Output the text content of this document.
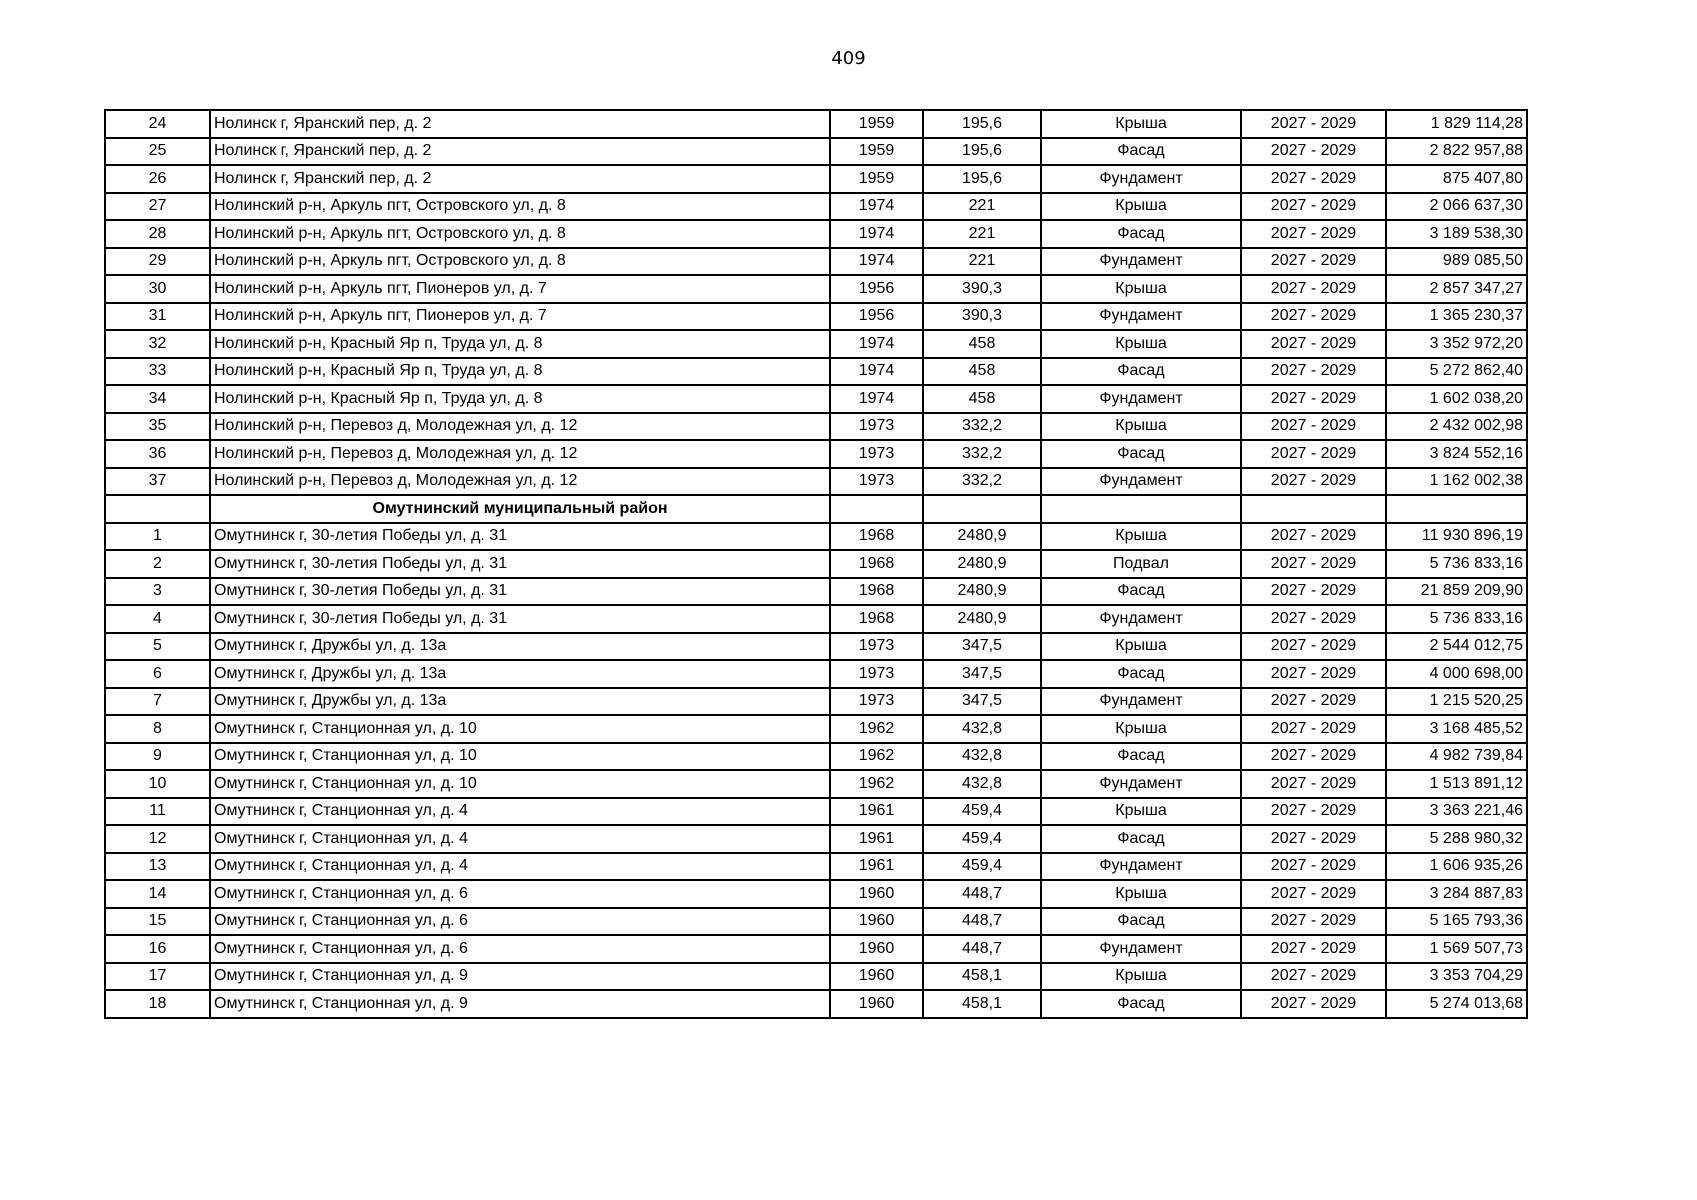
409
24	Нолинск г, Яранский пер, д. 2	1959	195,6	Крыша	2027 - 2029	1 829 114,28
25	Нолинск г, Яранский пер, д. 2	1959	195,6	Фасад	2027 - 2029	2 822 957,88
26	Нолинск г, Яранский пер, д. 2	1959	195,6	Фундамент	2027 - 2029	875 407,80
27	Нолинский р-н, Аркуль пгт, Островского ул, д. 8	1974	221	Крыша	2027 - 2029	2 066 637,30
28	Нолинский р-н, Аркуль пгт, Островского ул, д. 8	1974	221	Фасад	2027 - 2029	3 189 538,30
29	Нолинский р-н, Аркуль пгт, Островского ул, д. 8	1974	221	Фундамент	2027 - 2029	989 085,50
30	Нолинский р-н, Аркуль пгт, Пионеров ул, д. 7	1956	390,3	Крыша	2027 - 2029	2 857 347,27
31	Нолинский р-н, Аркуль пгт, Пионеров ул, д. 7	1956	390,3	Фундамент	2027 - 2029	1 365 230,37
32	Нолинский р-н, Красный Яр п, Труда ул, д. 8	1974	458	Крыша	2027 - 2029	3 352 972,20
33	Нолинский р-н, Красный Яр п, Труда ул, д. 8	1974	458	Фасад	2027 - 2029	5 272 862,40
34	Нолинский р-н, Красный Яр п, Труда ул, д. 8	1974	458	Фундамент	2027 - 2029	1 602 038,20
35	Нолинский р-н, Перевоз д, Молодежная ул, д. 12	1973	332,2	Крыша	2027 - 2029	2 432 002,98
36	Нолинский р-н, Перевоз д, Молодежная ул, д. 12	1973	332,2	Фасад	2027 - 2029	3 824 552,16
37	Нолинский р-н, Перевоз д, Молодежная ул, д. 12	1973	332,2	Фундамент	2027 - 2029	1 162 002,38
	Омутнинский муниципальный район					
1	Омутнинск г, 30-летия Победы ул, д. 31	1968	2480,9	Крыша	2027 - 2029	11 930 896,19
2	Омутнинск г, 30-летия Победы ул, д. 31	1968	2480,9	Подвал	2027 - 2029	5 736 833,16
3	Омутнинск г, 30-летия Победы ул, д. 31	1968	2480,9	Фасад	2027 - 2029	21 859 209,90
4	Омутнинск г, 30-летия Победы ул, д. 31	1968	2480,9	Фундамент	2027 - 2029	5 736 833,16
5	Омутнинск г, Дружбы ул, д. 13а	1973	347,5	Крыша	2027 - 2029	2 544 012,75
6	Омутнинск г, Дружбы ул, д. 13а	1973	347,5	Фасад	2027 - 2029	4 000 698,00
7	Омутнинск г, Дружбы ул, д. 13а	1973	347,5	Фундамент	2027 - 2029	1 215 520,25
8	Омутнинск г, Станционная ул, д. 10	1962	432,8	Крыша	2027 - 2029	3 168 485,52
9	Омутнинск г, Станционная ул, д. 10	1962	432,8	Фасад	2027 - 2029	4 982 739,84
10	Омутнинск г, Станционная ул, д. 10	1962	432,8	Фундамент	2027 - 2029	1 513 891,12
11	Омутнинск г, Станционная ул, д. 4	1961	459,4	Крыша	2027 - 2029	3 363 221,46
12	Омутнинск г, Станционная ул, д. 4	1961	459,4	Фасад	2027 - 2029	5 288 980,32
13	Омутнинск г, Станционная ул, д. 4	1961	459,4	Фундамент	2027 - 2029	1 606 935,26
14	Омутнинск г, Станционная ул, д. 6	1960	448,7	Крыша	2027 - 2029	3 284 887,83
15	Омутнинск г, Станционная ул, д. 6	1960	448,7	Фасад	2027 - 2029	5 165 793,36
16	Омутнинск г, Станционная ул, д. 6	1960	448,7	Фундамент	2027 - 2029	1 569 507,73
17	Омутнинск г, Станционная ул, д. 9	1960	458,1	Крыша	2027 - 2029	3 353 704,29
18	Омутнинск г, Станционная ул, д. 9	1960	458,1	Фасад	2027 - 2029	5 274 013,68
